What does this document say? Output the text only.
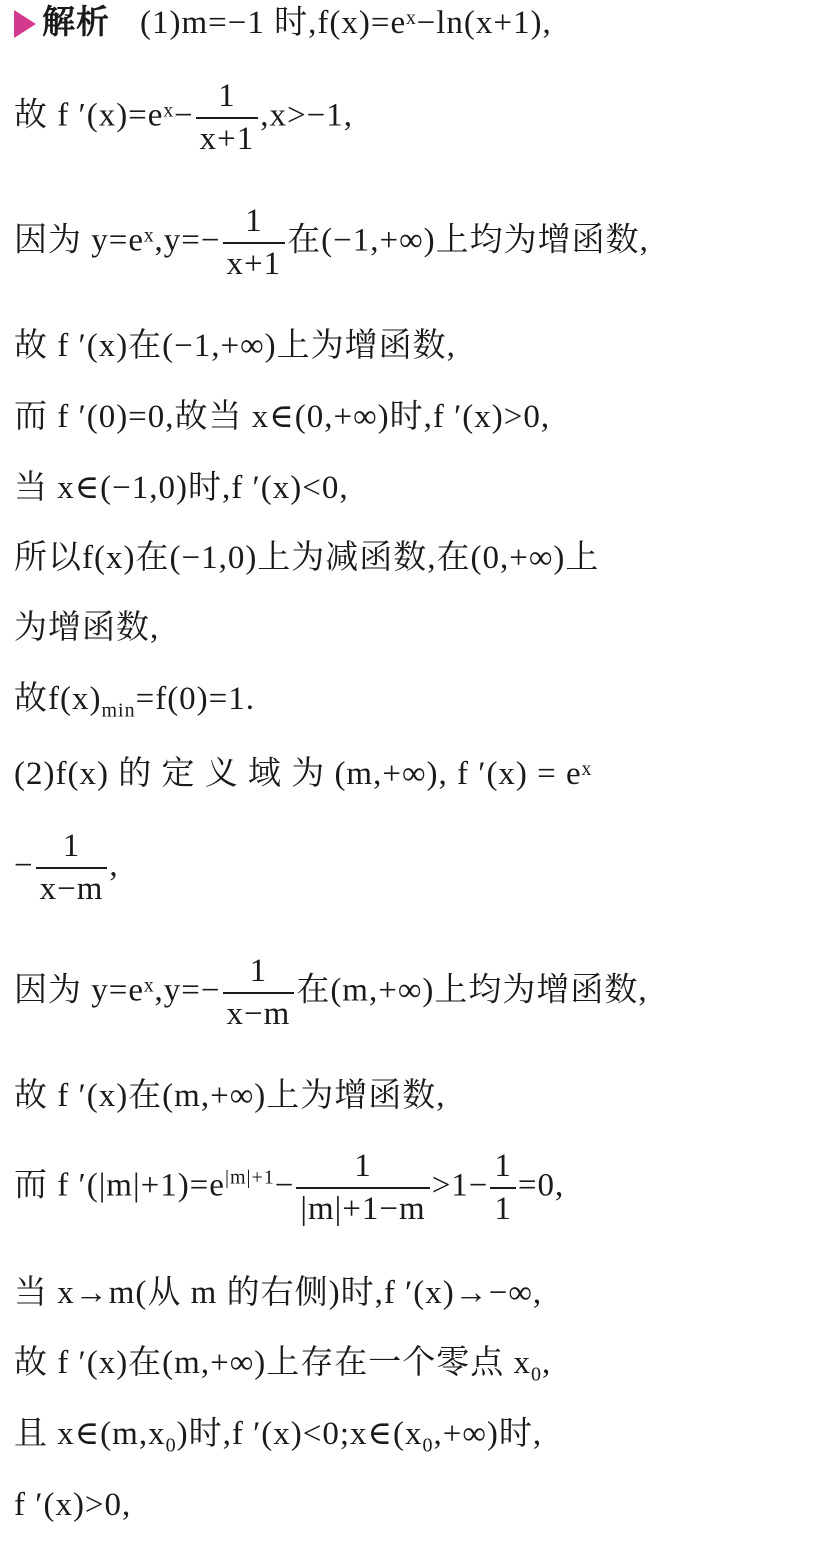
解析 (1)m=−1 时,f(x)=eˣ−ln(x+1),
故 f ′(x)=eˣ− $\frac{1}{x+1} ,x>-1$,
因为 y=eˣ,y=− $\frac{1}{x+1}$ 在(−1,+∞)上均为增函数,
故 f ′(x)在(−1,+∞)上为增函数,
而 f ′(0)=0,故当 x∈(0,+∞)时,f ′(x)>0,
当 x∈(−1,0)时,f ′(x)<0,
所以f(x)在(−1,0)上为减函数,在(0,+∞)上
为增函数,
故$f(x)_{min}=f(0)=1$.
(2)f(x) 的 定 义 域 为 (m,+∞), f ′(x) = eˣ
− $\frac{1}{x-m}$ ,
因为 y=eˣ,y=− $\frac{1}{x-m}$ 在(m,+∞)上均为增函数,
故 f ′(x)在(m,+∞)上为增函数,
而 f $'(|m|+1)=e^{|m|+1}- \frac{1}{|m|+1-m} >1- \frac{1}{1} =0$,
当 x→m(从 m 的右侧)时,f ′(x)→−∞,
故 f ′(x)在(m,+∞)上存在一个零点 $x_0$,
且 $x\in(m,x_0)$时,f $'(x)<0;x\in(x_0,+\infty)$时,
f ′(x)>0,
